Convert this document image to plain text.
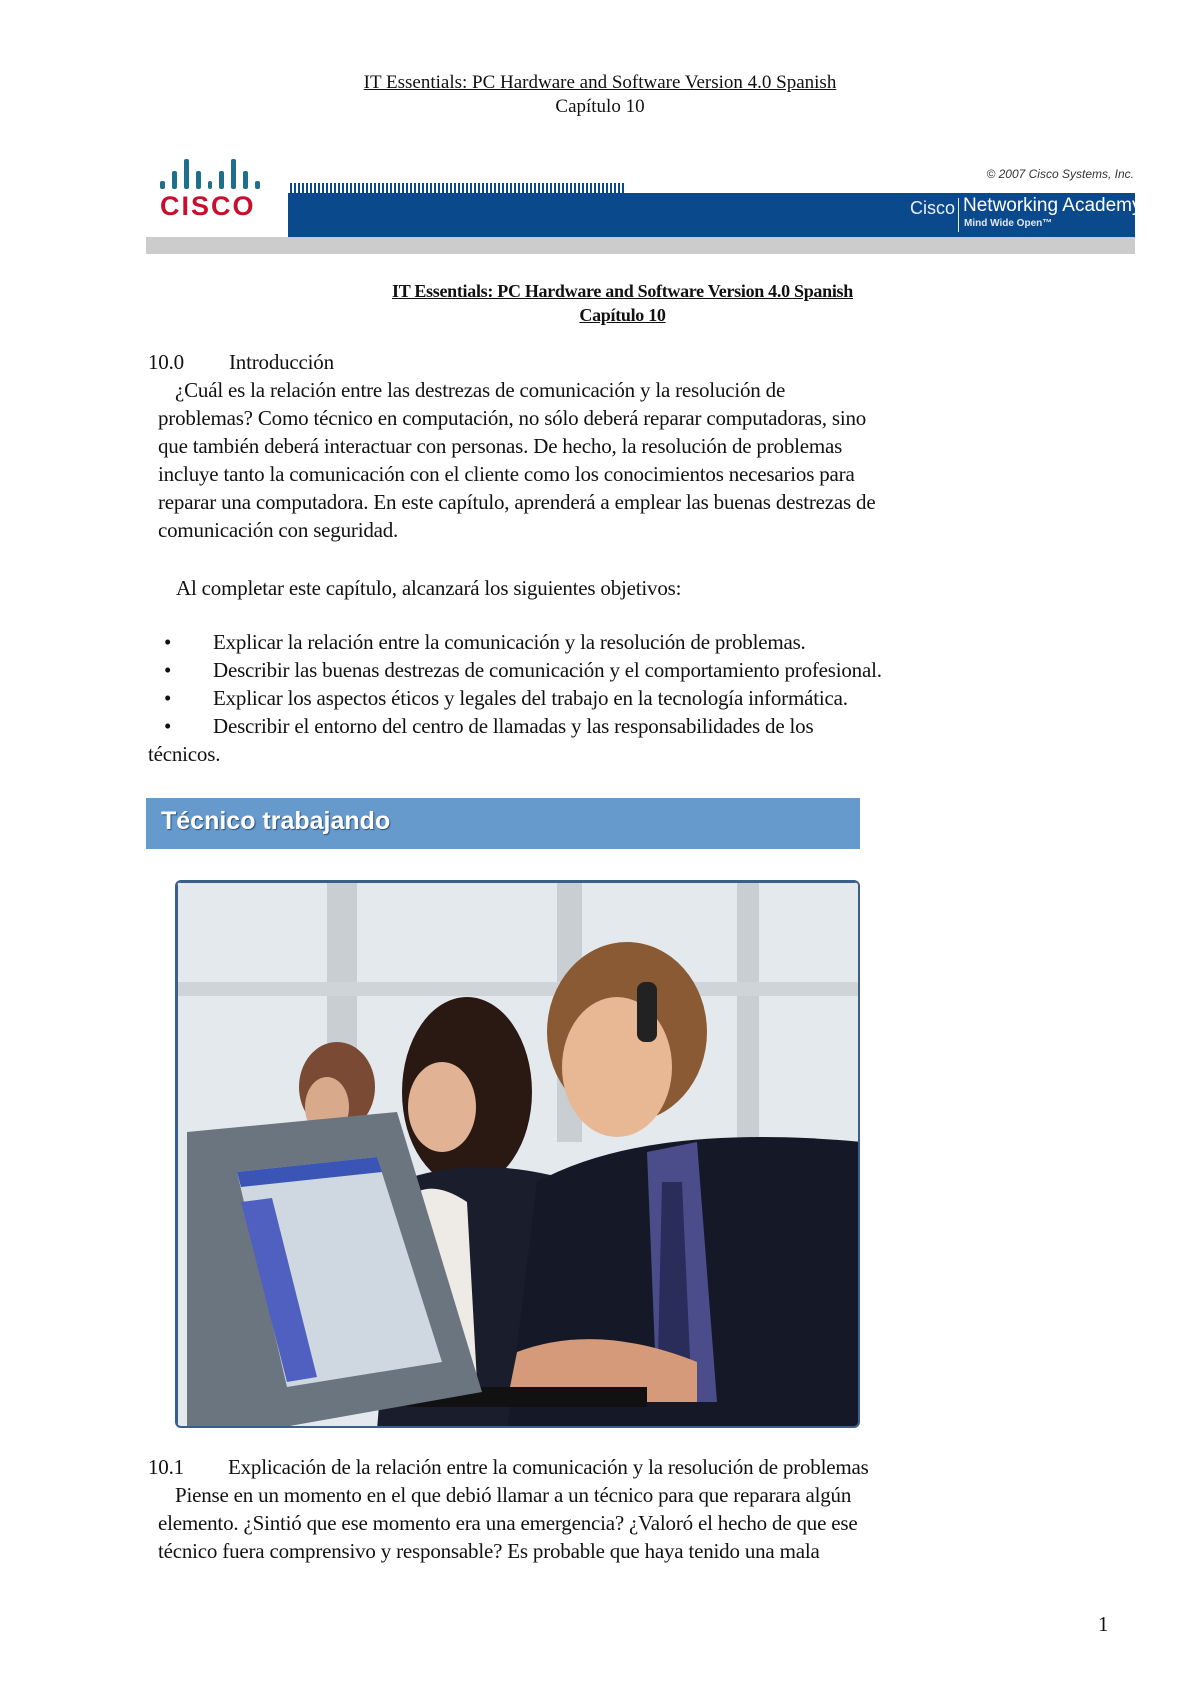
IT Essentials: PC Hardware and Software Version 4.0 Spanish
Capítulo 10
CISCO
© 2007 Cisco Systems, Inc.
Cisco Networking Academy®
Mind Wide Open™
IT Essentials: PC Hardware and Software Version 4.0 Spanish
Capítulo 10
10.0 Introducción
¿Cuál es la relación entre las destrezas de comunicación y la resolución de
problemas? Como técnico en computación, no sólo deberá reparar computadoras, sino
que también deberá interactuar con personas. De hecho, la resolución de problemas
incluye tanto la comunicación con el cliente como los conocimientos necesarios para
reparar una computadora. En este capítulo, aprenderá a emplear las buenas destrezas de
comunicación con seguridad.
Al completar este capítulo, alcanzará los siguientes objetivos:
• Explicar la relación entre la comunicación y la resolución de problemas.
• Describir las buenas destrezas de comunicación y el comportamiento profesional.
• Explicar los aspectos éticos y legales del trabajo en la tecnología informática.
• Describir el entorno del centro de llamadas y las responsabilidades de los
técnicos.
Técnico trabajando
10.1 Explicación de la relación entre la comunicación y la resolución de problemas
Piense en un momento en el que debió llamar a un técnico para que reparara algún
elemento. ¿Sintió que ese momento era una emergencia? ¿Valoró el hecho de que ese
técnico fuera comprensivo y responsable? Es probable que haya tenido una mala
1
